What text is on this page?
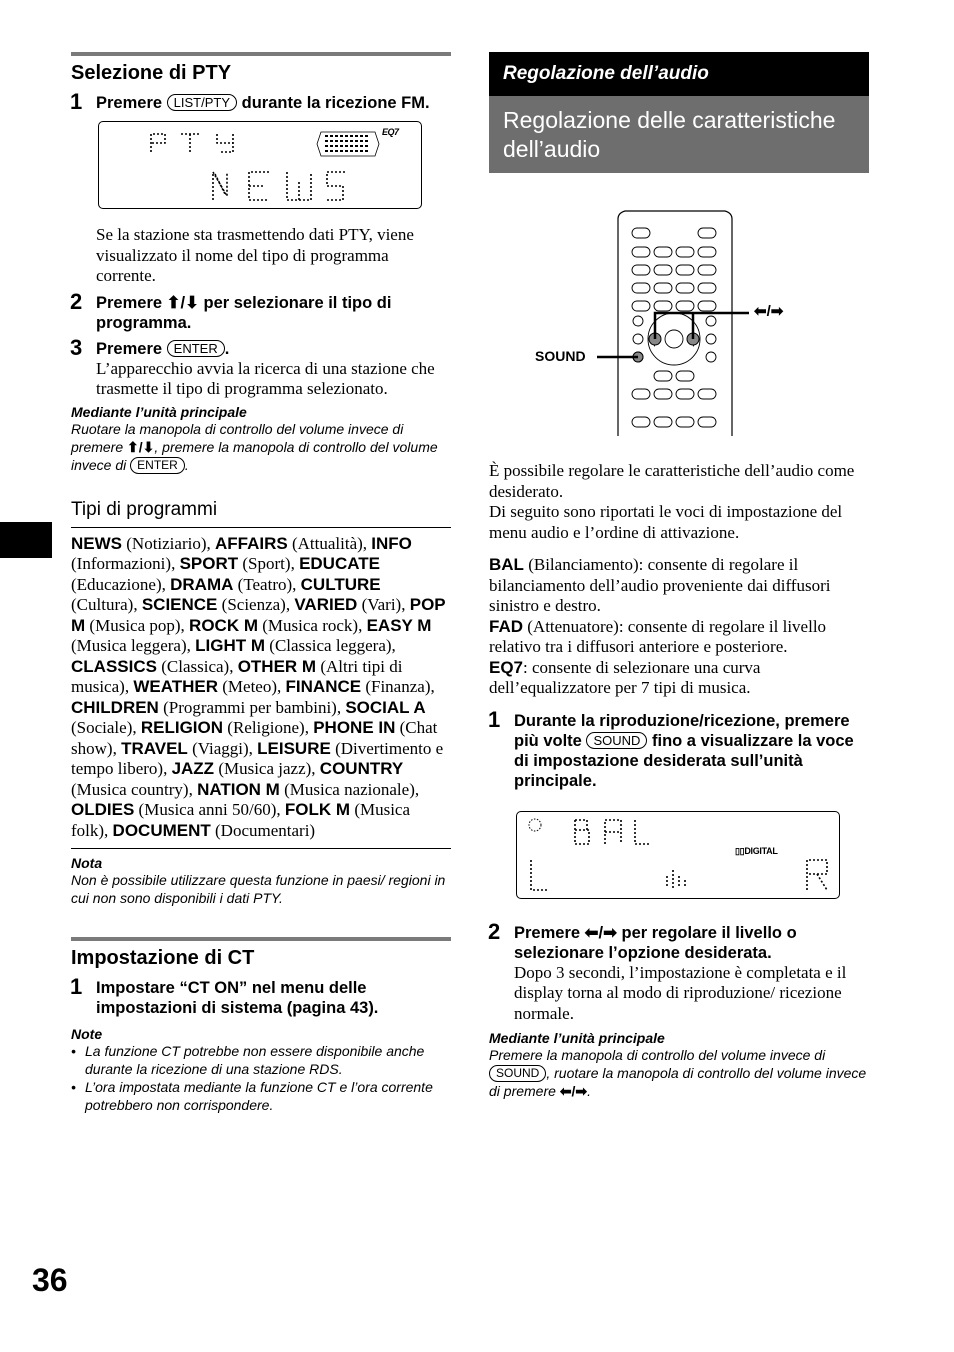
Selezione di PTY
1 Premere LIST/PTY durante la ricezione FM.
EQ7

Se la stazione sta trasmettendo dati PTY, viene visualizzato il nome del tipo di programma corrente.

2 Premere ⬆/⬇ per selezionare il tipo di programma.
3 Premere ENTER .

L’apparecchio avvia la ricerca di una stazione che trasmette il tipo di programma selezionato.

Mediante l’unità principale

Ruotare la manopola di controllo del volume invece di premere ⬆/⬇, premere la manopola di controllo del volume invece di ENTER .

Tipi di programmi

NEWS (Notiziario), AFFAIRS (Attualità), INFO (Informazioni), SPORT (Sport), EDUCATE (Educazione), DRAMA (Teatro), CULTURE (Cultura), SCIENCE (Scienza), VARIED (Vari), POP M (Musica pop), ROCK M (Musica rock), EASY M (Musica leggera), LIGHT M (Classica leggera), CLASSICS (Classica), OTHER M (Altri tipi di musica), WEATHER (Meteo), FINANCE (Finanza), CHILDREN (Programmi per bambini), SOCIAL A (Sociale), RELIGION (Religione), PHONE IN (Chat show), TRAVEL (Viaggi), LEISURE (Divertimento e tempo libero), JAZZ (Musica jazz), COUNTRY (Musica country), NATION M (Musica nazionale), OLDIES (Musica anni 50/60), FOLK M (Musica folk), DOCUMENT (Documentari)

Nota

Non è possibile utilizzare questa funzione in paesi/ regioni in cui non sono disponibili i dati PTY.

Impostazione di CT
1 Impostare “CT ON” nel menu delle impostazioni di sistema (pagina 43).

Note

• La funzione CT potrebbe non essere disponibile anche durante la ricezione di una stazione RDS.
• L’ora impostata mediante la funzione CT e l’ora corrente potrebbero non corrispondere.
Regolazione dell’audio
Regolazione delle caratteristiche dell’audio
SOUND
⬅/➡

È possibile regolare le caratteristiche dell’audio come desiderato.

Di seguito sono riportati le voci di impostazione del menu audio e l’ordine di attivazione.

BAL (Bilanciamento): consente di regolare il bilanciamento dell’audio proveniente dai diffusori sinistro e destro.

FAD (Attenuatore): consente di regolare il livello relativo tra i diffusori anteriore e posteriore.

EQ7: consente di selezionare una curva dell’equalizzatore per 7 tipi di musica.

1 Durante la riproduzione/ricezione, premere più volte SOUND fino a visualizzare la voce di impostazione desiderata sull’unità principale.
▯▯DIGITAL
2 Premere ⬅/➡ per regolare il livello o selezionare l’opzione desiderata.

Dopo 3 secondi, l’impostazione è completata e il display torna al modo di riproduzione/ ricezione normale.

Mediante l’unità principale

Premere la manopola di controllo del volume invece di SOUND , ruotare la manopola di controllo del volume invece di premere ⬅/➡.

36
